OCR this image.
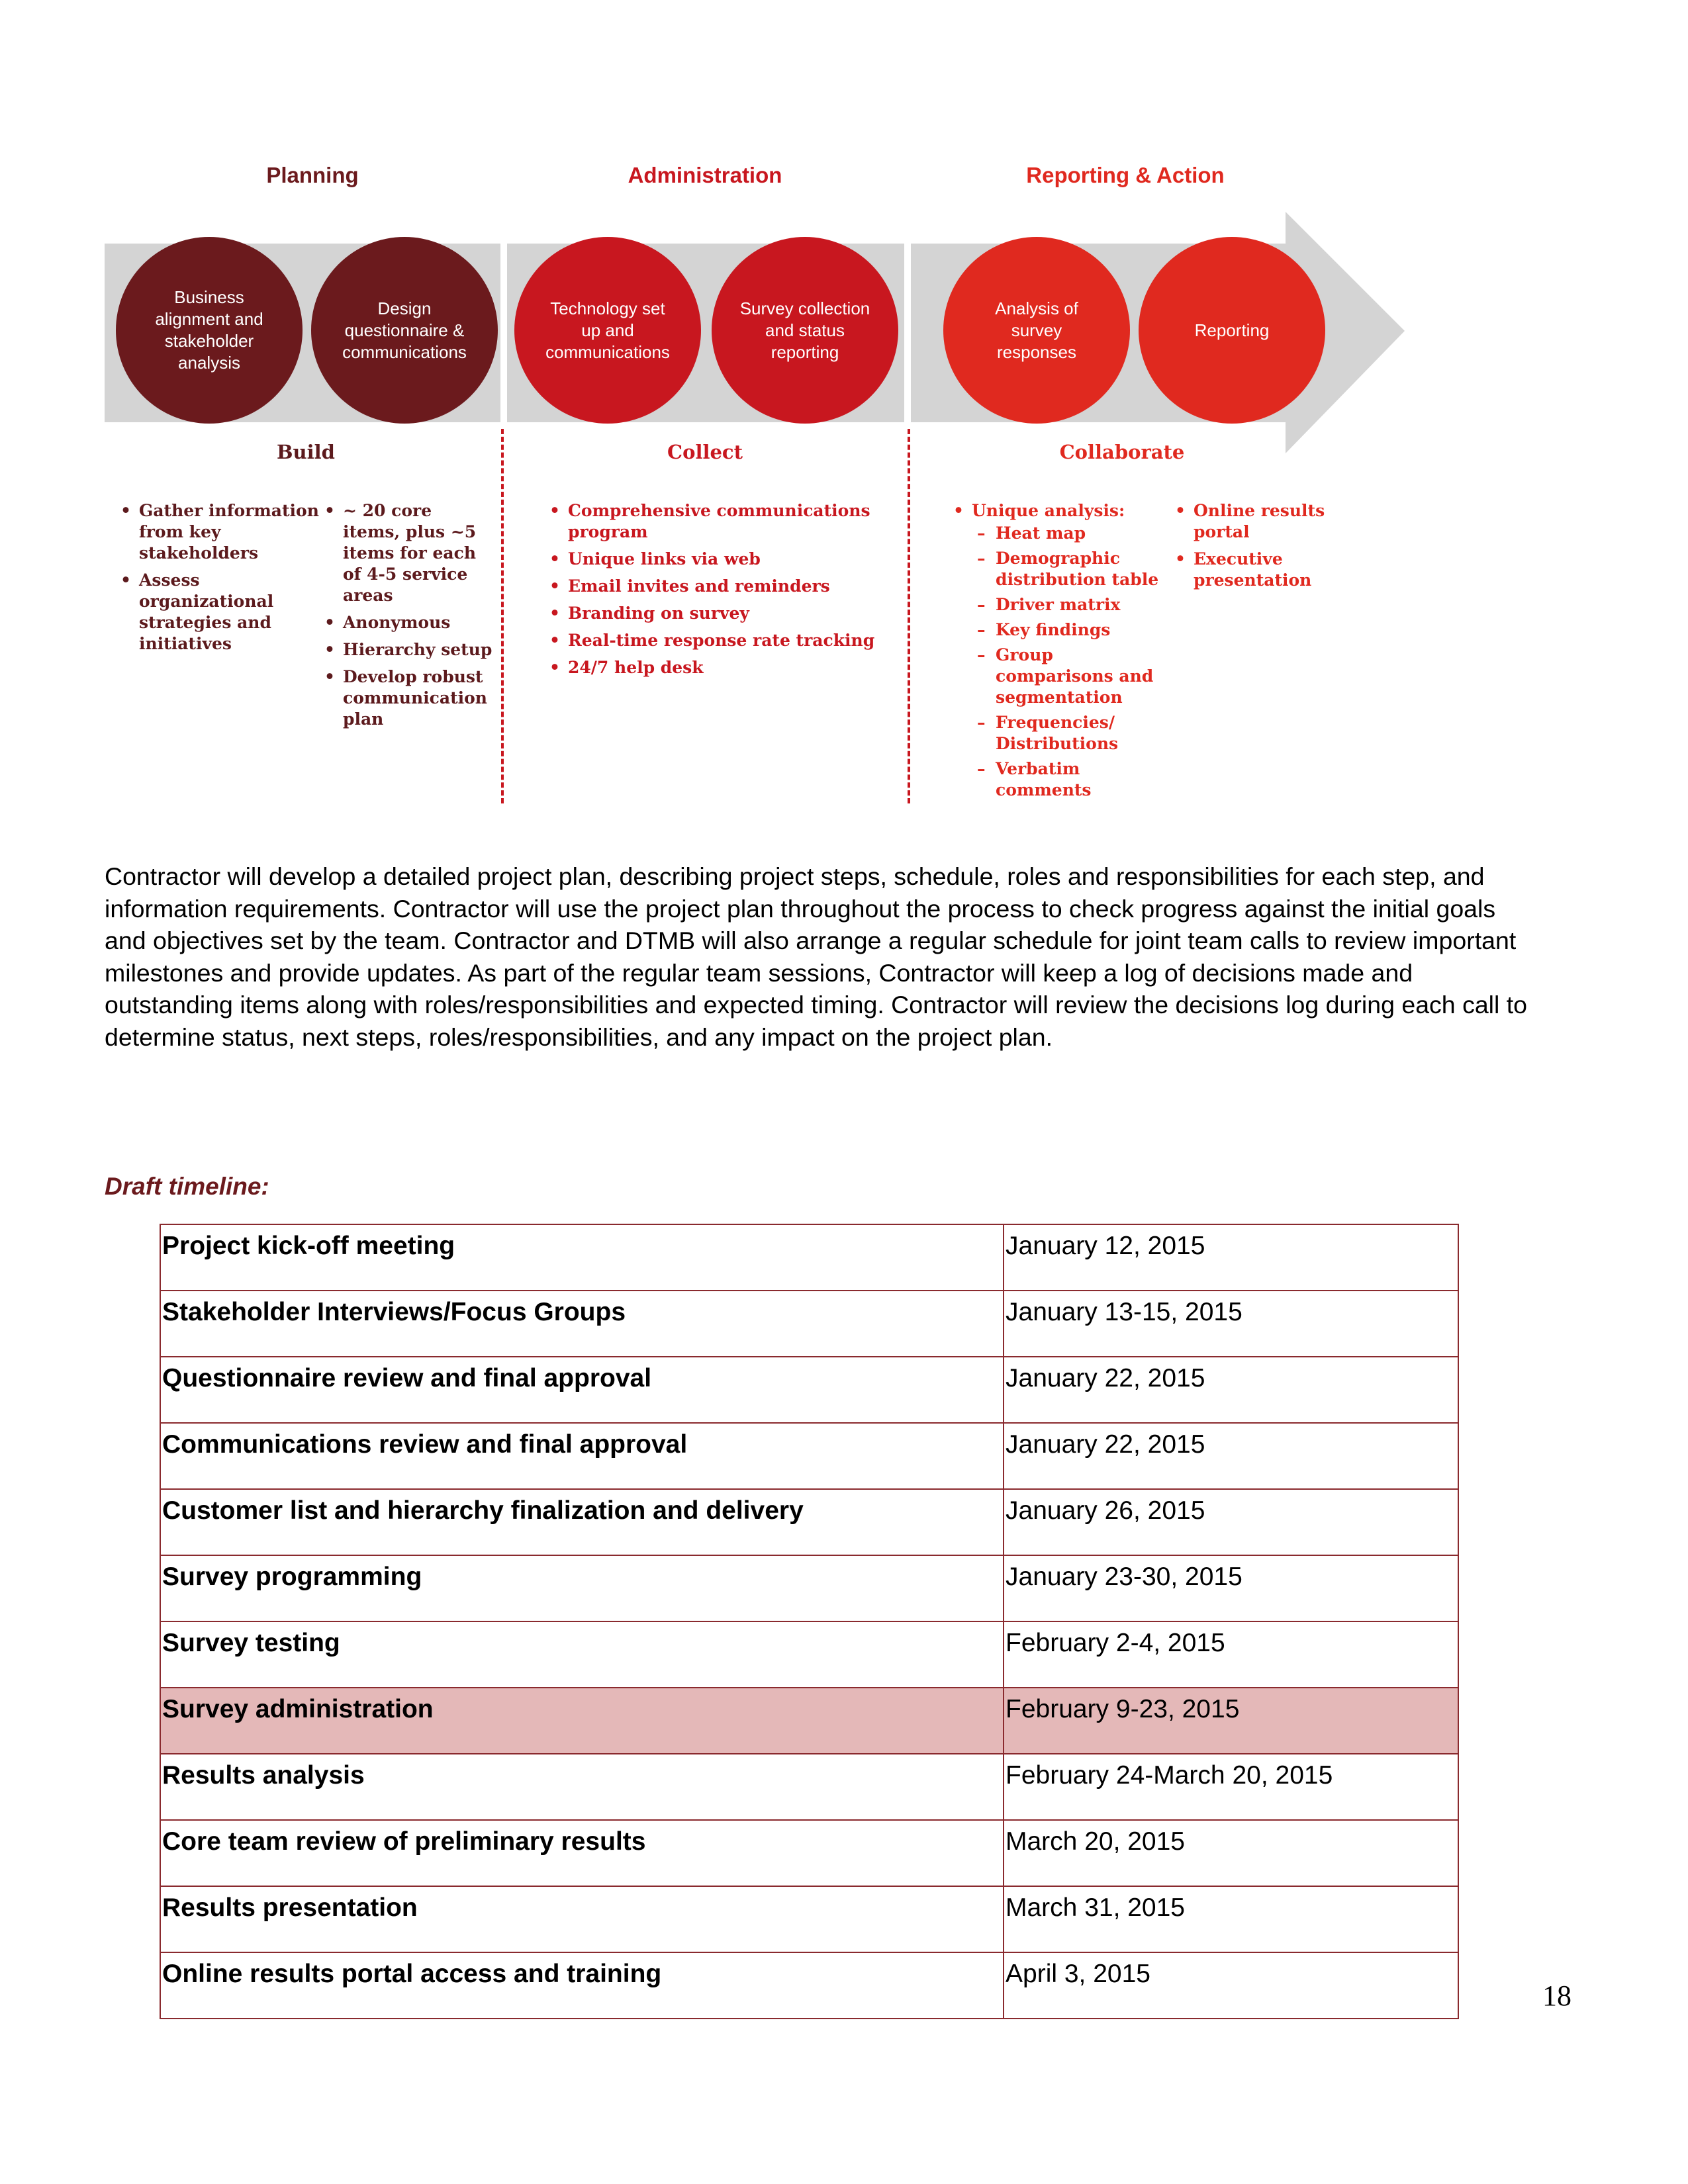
Planning	Administration	Reporting & Action
Business alignment and stakeholder analysis
Design questionnaire & communications
Technology set up and communications
Survey collection and status reporting
Analysis of survey responses
Reporting
Build	Collect	Collaborate
• Gather information from key stakeholders
• Assess organizational strategies and initiatives
• ~ 20 core items, plus ~5 items for each of 4-5 service areas
• Anonymous
• Hierarchy setup
• Develop robust communication plan
• Comprehensive communications program
• Unique links via web
• Email invites and reminders
• Branding on survey
• Real-time response rate tracking
• 24/7 help desk
• Unique analysis:
– Heat map
– Demographic distribution table
– Driver matrix
– Key findings
– Group comparisons and segmentation
– Frequencies/ Distributions
– Verbatim comments
• Online results portal
• Executive presentation
Contractor will develop a detailed project plan, describing project steps, schedule, roles and responsibilities for each step, and information requirements. Contractor will use the project plan throughout the process to check progress against the initial goals and objectives set by the team. Contractor and DTMB will also arrange a regular schedule for joint team calls to review important milestones and provide updates. As part of the regular team sessions, Contractor will keep a log of decisions made and outstanding items along with roles/responsibilities and expected timing. Contractor will review the decisions log during each call to determine status, next steps, roles/responsibilities, and any impact on the project plan.
Draft timeline:
Project kick-off meeting	January 12, 2015
Stakeholder Interviews/Focus Groups	January 13-15, 2015
Questionnaire review and final approval	January 22, 2015
Communications review and final approval	January 22, 2015
Customer list and hierarchy finalization and delivery	January 26, 2015
Survey programming	January 23-30, 2015
Survey testing	February 2-4, 2015
Survey administration	February 9-23, 2015
Results analysis	February 24-March 20, 2015
Core team review of preliminary results	March 20, 2015
Results presentation	March 31, 2015
Online results portal access and training	April 3, 2015
18
